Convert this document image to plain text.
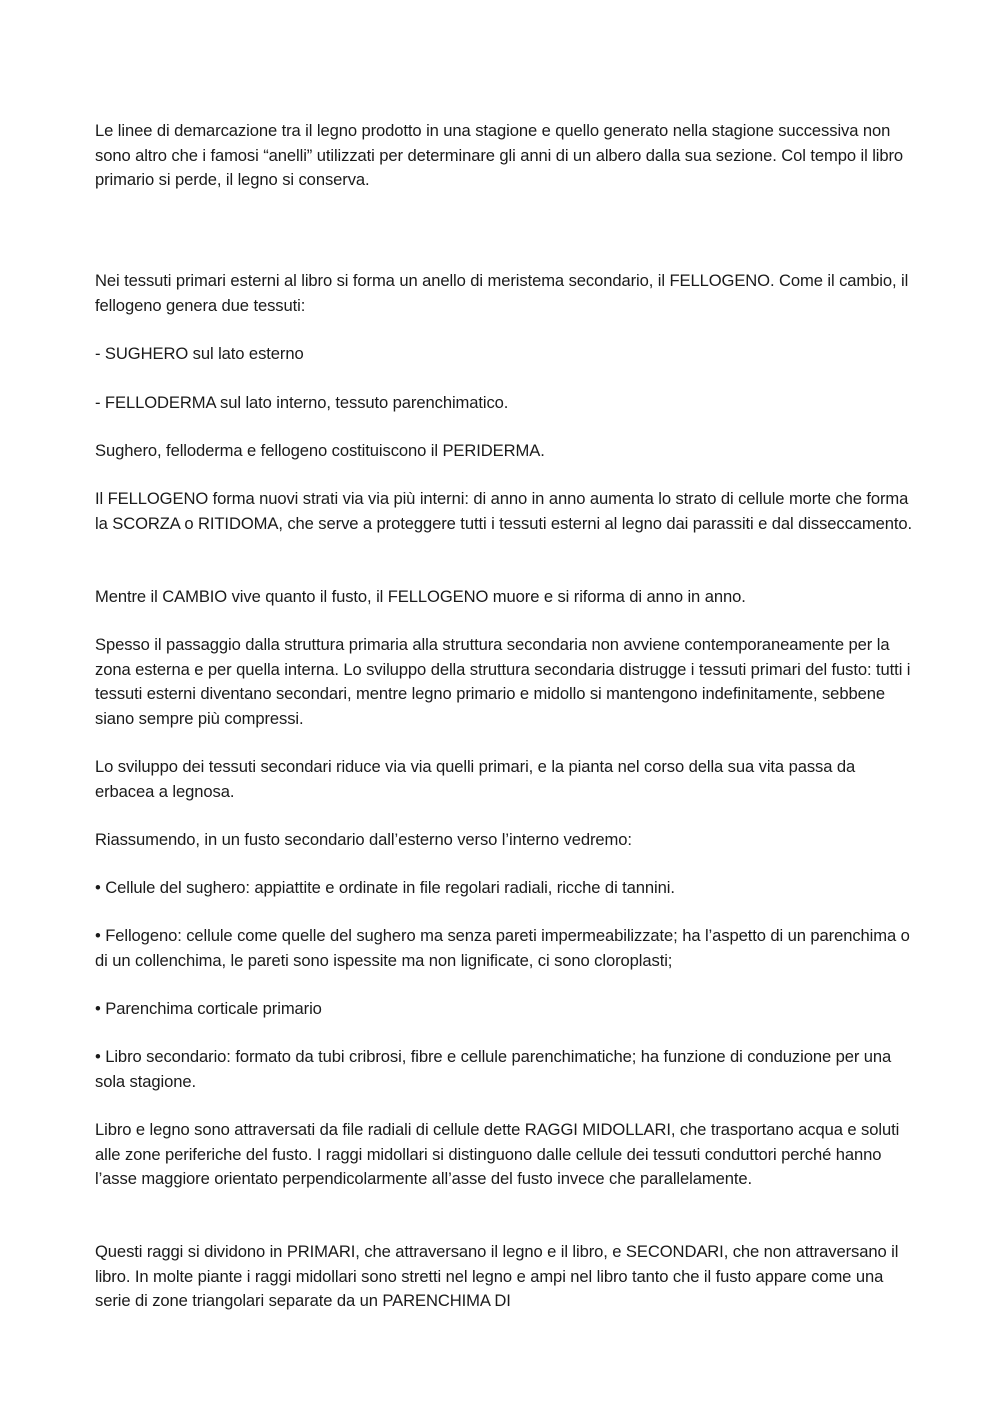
Le linee di demarcazione tra il legno prodotto in una stagione e quello generato nella stagione successiva non sono altro che i famosi “anelli” utilizzati per determinare gli anni di un albero dalla sua sezione. Col tempo il libro primario si perde, il legno si conserva.

Nei tessuti primari esterni al libro si forma un anello di meristema secondario, il FELLOGENO. Come il cambio, il fellogeno genera due tessuti:

- SUGHERO sul lato esterno

- FELLODERMA sul lato interno, tessuto parenchimatico.

Sughero, felloderma e fellogeno costituiscono il PERIDERMA.

Il FELLOGENO forma nuovi strati via via più interni: di anno in anno aumenta lo strato di cellule morte che forma la SCORZA o RITIDOMA, che serve a proteggere tutti i tessuti esterni al legno dai parassiti e dal disseccamento.

Mentre il CAMBIO vive quanto il fusto, il FELLOGENO muore e si riforma di anno in anno.

Spesso il passaggio dalla struttura primaria alla struttura secondaria non avviene contemporaneamente per la zona esterna e per quella interna. Lo sviluppo della struttura secondaria distrugge i tessuti primari del fusto: tutti i tessuti esterni diventano secondari, mentre legno primario e midollo si mantengono indefinitamente, sebbene siano sempre più compressi.

Lo sviluppo dei tessuti secondari riduce via via quelli primari, e la pianta nel corso della sua vita passa da erbacea a legnosa.

Riassumendo, in un fusto secondario dall’esterno verso l’interno vedremo:

• Cellule del sughero: appiattite e ordinate in file regolari radiali, ricche di tannini.

• Fellogeno: cellule come quelle del sughero ma senza pareti impermeabilizzate; ha l’aspetto di un parenchima o di un collenchima, le pareti sono ispessite ma non lignificate, ci sono cloroplasti;

• Parenchima corticale primario

• Libro secondario: formato da tubi cribrosi, fibre e cellule parenchimatiche; ha funzione di conduzione per una sola stagione.

Libro e legno sono attraversati da file radiali di cellule dette RAGGI MIDOLLARI, che trasportano acqua e soluti alle zone periferiche del fusto. I raggi midollari si distinguono dalle cellule dei tessuti conduttori perché hanno l’asse maggiore orientato perpendicolarmente all’asse del fusto invece che parallelamente.

Questi raggi si dividono in PRIMARI, che attraversano il legno e il libro, e SECONDARI, che non attraversano il libro. In molte piante i raggi midollari sono stretti nel legno e ampi nel libro tanto che il fusto appare come una serie di zone triangolari separate da un PARENCHIMA DI
